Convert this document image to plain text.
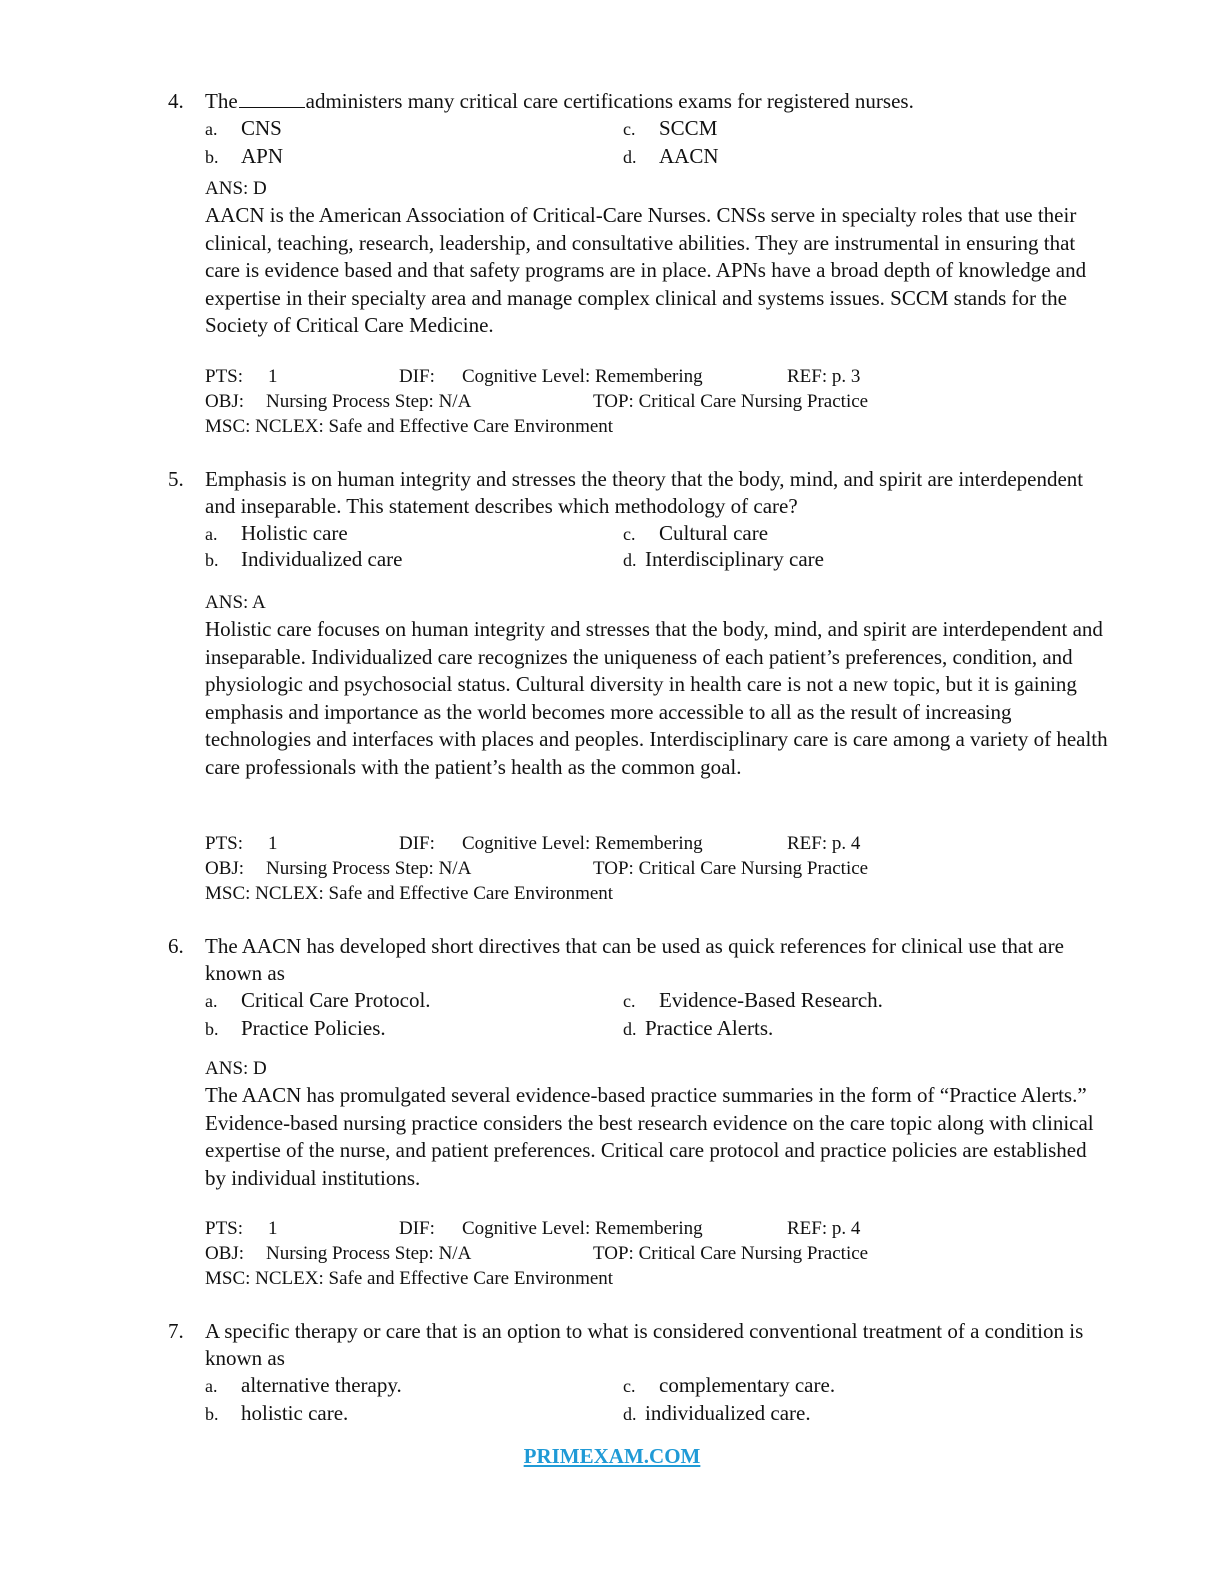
4. The	administers many critical care certifications exams for registered nurses.
a. CNS	c. SCCM
b. APN	d. AACN
ANS: D
AACN is the American Association of Critical-Care Nurses. CNSs serve in specialty roles that use their clinical, teaching, research, leadership, and consultative abilities. They are instrumental in ensuring that care is evidence based and that safety programs are in place. APNs have a broad depth of knowledge and expertise in their specialty area and manage complex clinical and systems issues. SCCM stands for the Society of Critical Care Medicine.
PTS: 1	DIF: Cognitive Level: Remembering	REF: p. 3
OBJ: Nursing Process Step: N/A	TOP: Critical Care Nursing Practice
MSC: NCLEX: Safe and Effective Care Environment
5. Emphasis is on human integrity and stresses the theory that the body, mind, and spirit are interdependent and inseparable. This statement describes which methodology of care?
a. Holistic care	c. Cultural care
b. Individualized care	d. Interdisciplinary care
ANS: A
Holistic care focuses on human integrity and stresses that the body, mind, and spirit are interdependent and inseparable. Individualized care recognizes the uniqueness of each patient’s preferences, condition, and physiologic and psychosocial status. Cultural diversity in health care is not a new topic, but it is gaining emphasis and importance as the world becomes more accessible to all as the result of increasing technologies and interfaces with places and peoples. Interdisciplinary care is care among a variety of health care professionals with the patient’s health as the common goal.
PTS: 1	DIF: Cognitive Level: Remembering	REF: p. 4
OBJ: Nursing Process Step: N/A	TOP: Critical Care Nursing Practice
MSC: NCLEX: Safe and Effective Care Environment
6. The AACN has developed short directives that can be used as quick references for clinical use that are known as
a. Critical Care Protocol.	c. Evidence-Based Research.
b. Practice Policies.	d. Practice Alerts.
ANS: D
The AACN has promulgated several evidence-based practice summaries in the form of “Practice Alerts.” Evidence-based nursing practice considers the best research evidence on the care topic along with clinical expertise of the nurse, and patient preferences. Critical care protocol and practice policies are established by individual institutions.
PTS: 1	DIF: Cognitive Level: Remembering	REF: p. 4
OBJ: Nursing Process Step: N/A	TOP: Critical Care Nursing Practice
MSC: NCLEX: Safe and Effective Care Environment
7. A specific therapy or care that is an option to what is considered conventional treatment of a condition is known as
a. alternative therapy.	c. complementary care.
b. holistic care.	d. individualized care.
PRIMEXAM.COM
